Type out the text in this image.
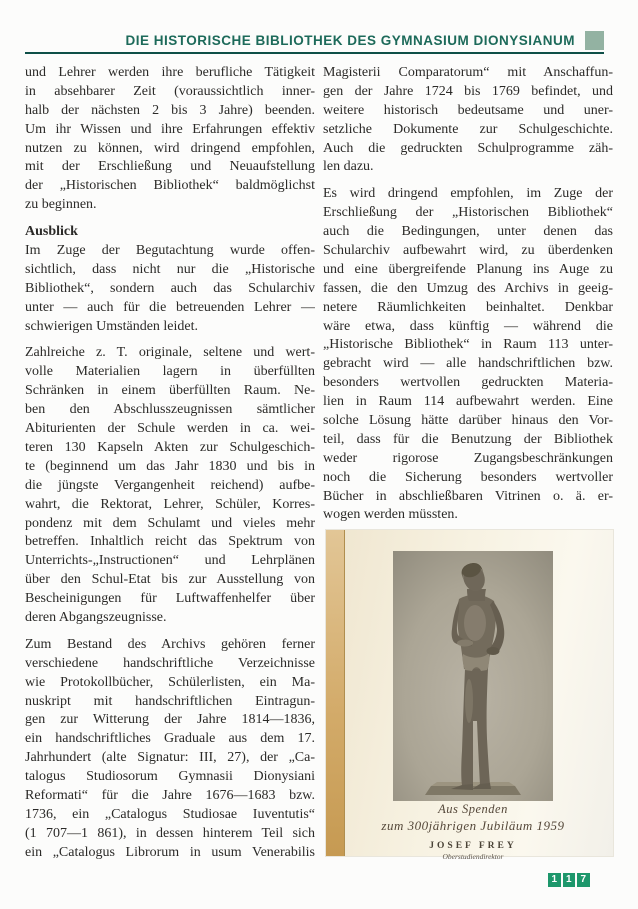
DIE HISTORISCHE BIBLIOTHEK DES GYMNASIUM DIONYSIANUM
und Lehrer werden ihre berufliche Tätigkeit
in absehbarer Zeit (voraussichtlich inner-
halb der nächsten 2 bis 3 Jahre) beenden.
Um ihr Wissen und ihre Erfahrungen effektiv
nutzen zu können, wird dringend empfohlen,
mit der Erschließung und Neuaufstellung
der „Historischen Bibliothek“ baldmöglichst
zu beginnen.
Ausblick
Im Zuge der Begutachtung wurde offen-
sichtlich, dass nicht nur die „Historische
Bibliothek“, sondern auch das Schularchiv
unter — auch für die betreuenden Lehrer —
schwierigen Umständen leidet.
Zahlreiche z. T. originale, seltene und wert-
volle Materialien lagern in überfüllten
Schränken in einem überfüllten Raum. Ne-
ben den Abschlusszeugnissen sämtlicher
Abiturienten der Schule werden in ca. wei-
teren 130 Kapseln Akten zur Schulgeschich-
te (beginnend um das Jahr 1830 und bis in
die jüngste Vergangenheit reichend) aufbe-
wahrt, die Rektorat, Lehrer, Schüler, Korres-
pondenz mit dem Schulamt und vieles mehr
betreffen. Inhaltlich reicht das Spektrum von
Unterrichts-„Instructionen“ und Lehrplänen
über den Schul-Etat bis zur Ausstellung von
Bescheinigungen für Luftwaffenhelfer über
deren Abgangszeugnisse.
Zum Bestand des Archivs gehören ferner
verschiedene handschriftliche Verzeichnisse
wie Protokollbücher, Schülerlisten, ein Ma-
nuskript mit handschriftlichen Eintragun-
gen zur Witterung der Jahre 1814—1836,
ein handschriftliches Graduale aus dem 17.
Jahrhundert (alte Signatur: III, 27), der „Ca-
talogus Studiosorum Gymnasii Dionysiani
Reformati“ für die Jahre 1676—1683 bzw.
1736, ein „Catalogus Studiosae Iuventutis“
(1 707—1 861), in dessen hinterem Teil sich
ein „Catalogus Librorum in usum Venerabilis
Magisterii Comparatorum“ mit Anschaffun-
gen der Jahre 1724 bis 1769 befindet, und
weitere historisch bedeutsame und uner-
setzliche Dokumente zur Schulgeschichte.
Auch die gedruckten Schulprogramme zäh-
len dazu.
Es wird dringend empfohlen, im Zuge der
Erschließung der „Historischen Bibliothek“
auch die Bedingungen, unter denen das
Schularchiv aufbewahrt wird, zu überdenken
und eine übergreifende Planung ins Auge zu
fassen, die den Umzug des Archivs in geeig-
netere Räumlichkeiten beinhaltet. Denkbar
wäre etwa, dass künftig — während die
„Historische Bibliothek“ in Raum 113 unter-
gebracht wird — alle handschriftlichen bzw.
besonders wertvollen gedruckten Materia-
lien in Raum 114 aufbewahrt werden. Eine
solche Lösung hätte darüber hinaus den Vor-
teil, dass für die Benutzung der Bibliothek
weder rigorose Zugangsbeschränkungen
noch die Sicherung besonders wertvoller
Bücher in abschließbaren Vitrinen o. ä. er-
wogen werden müssten.
Aus Spenden
zum 300jährigen Jubiläum 1959
JOSEF FREY
Oberstudiendirektor
1 1 7
